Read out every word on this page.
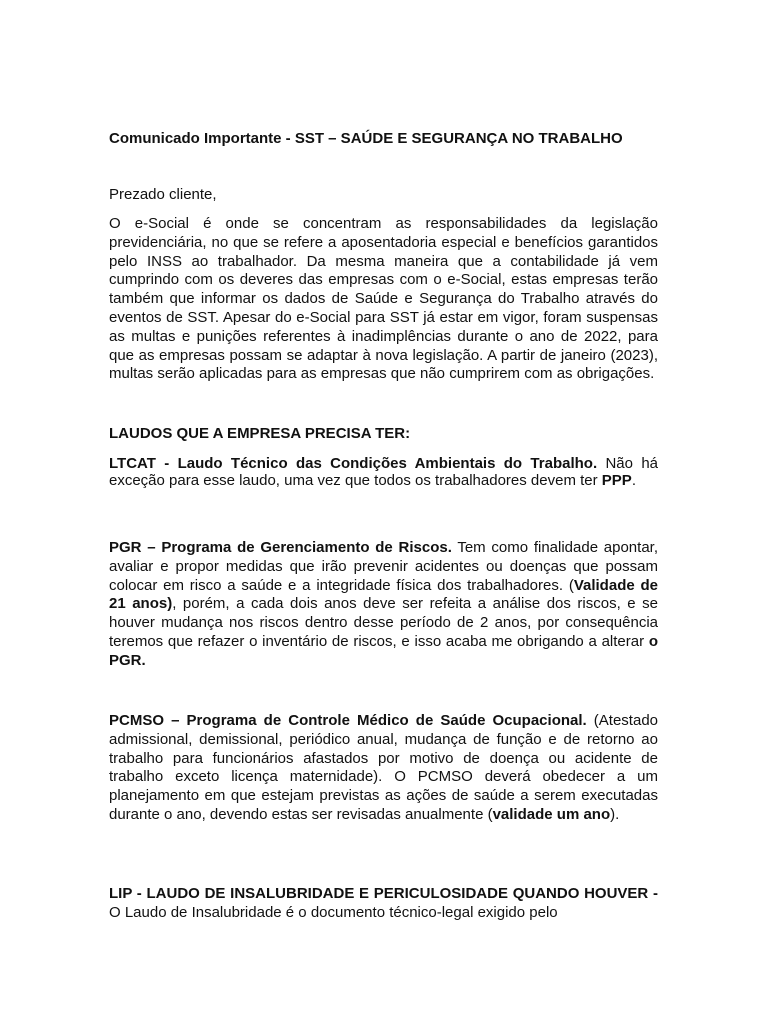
Comunicado Importante - SST – SAÚDE E SEGURANÇA NO TRABALHO

Prezado cliente,

O e-Social é onde se concentram as responsabilidades da legislação previdenciária, no que se refere a aposentadoria especial e benefícios garantidos pelo INSS ao trabalhador. Da mesma maneira que a contabilidade já vem cumprindo com os deveres das empresas com o e-Social, estas empresas terão também que informar os dados de Saúde e Segurança do Trabalho através do eventos de SST. Apesar do e-Social para SST já estar em vigor, foram suspensas as multas e punições referentes à inadimplências durante o ano de 2022, para que as empresas possam se adaptar à nova legislação. A partir de janeiro (2023), multas serão aplicadas para as empresas que não cumprirem com as obrigações.

LAUDOS QUE A EMPRESA PRECISA TER:

LTCAT - Laudo Técnico das Condições Ambientais do Trabalho. Não há exceção para esse laudo, uma vez que todos os trabalhadores devem ter PPP.

PGR – Programa de Gerenciamento de Riscos. Tem como finalidade apontar, avaliar e propor medidas que irão prevenir acidentes ou doenças que possam colocar em risco a saúde e a integridade física dos trabalhadores. (Validade de 21 anos), porém, a cada dois anos deve ser refeita a análise dos riscos, e se houver mudança nos riscos dentro desse período de 2 anos, por consequência teremos que refazer o inventário de riscos, e isso acaba me obrigando a alterar o PGR.

PCMSO – Programa de Controle Médico de Saúde Ocupacional. (Atestado admissional, demissional, periódico anual, mudança de função e de retorno ao trabalho para funcionários afastados por motivo de doença ou acidente de trabalho exceto licença maternidade). O PCMSO deverá obedecer a um planejamento em que estejam previstas as ações de saúde a serem executadas durante o ano, devendo estas ser revisadas anualmente (validade um ano).

LIP - LAUDO DE INSALUBRIDADE E PERICULOSIDADE QUANDO HOUVER - O Laudo de Insalubridade é o documento técnico-legal exigido pelo
